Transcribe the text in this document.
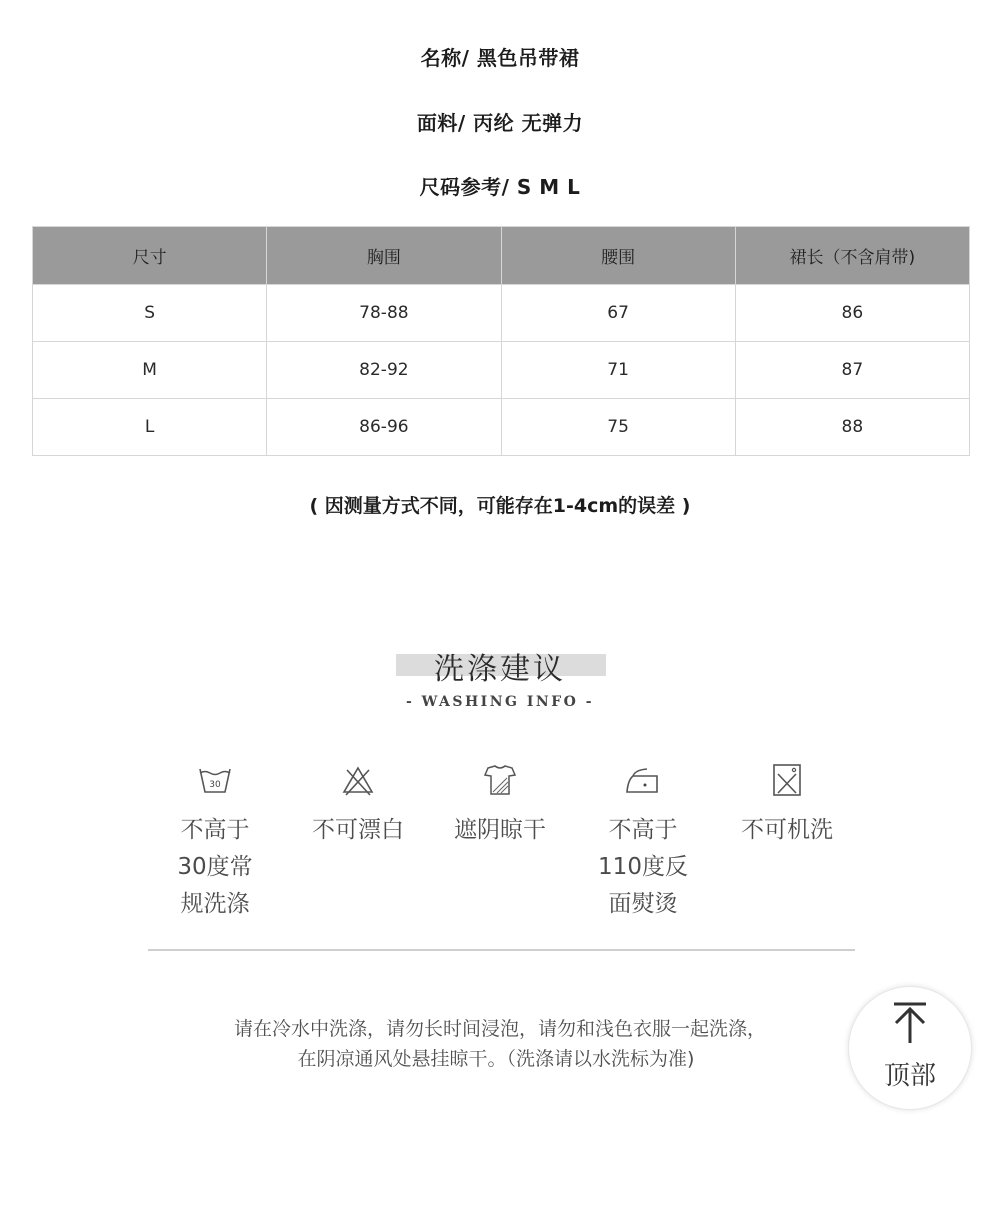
名称/ 黑色吊带裙
面料/ 丙纶 无弹力
尺码参考/ S M L
尺寸	胸围	腰围	裙长（不含肩带)
S	78-88	67	86
M	82-92	71	87
L	86-96	75	88
( 因测量方式不同，可能存在1-4cm的误差 )
洗涤建议
- WASHING INFO -
30
不高于
30度常
规洗涤
不可漂白	遮阴晾干	不高于
110度反
面熨烫
不可机洗
请在冷水中洗涤，请勿长时间浸泡，请勿和浅色衣服一起洗涤，
在阴凉通风处悬挂晾干。（洗涤请以水洗标为准)
顶部
